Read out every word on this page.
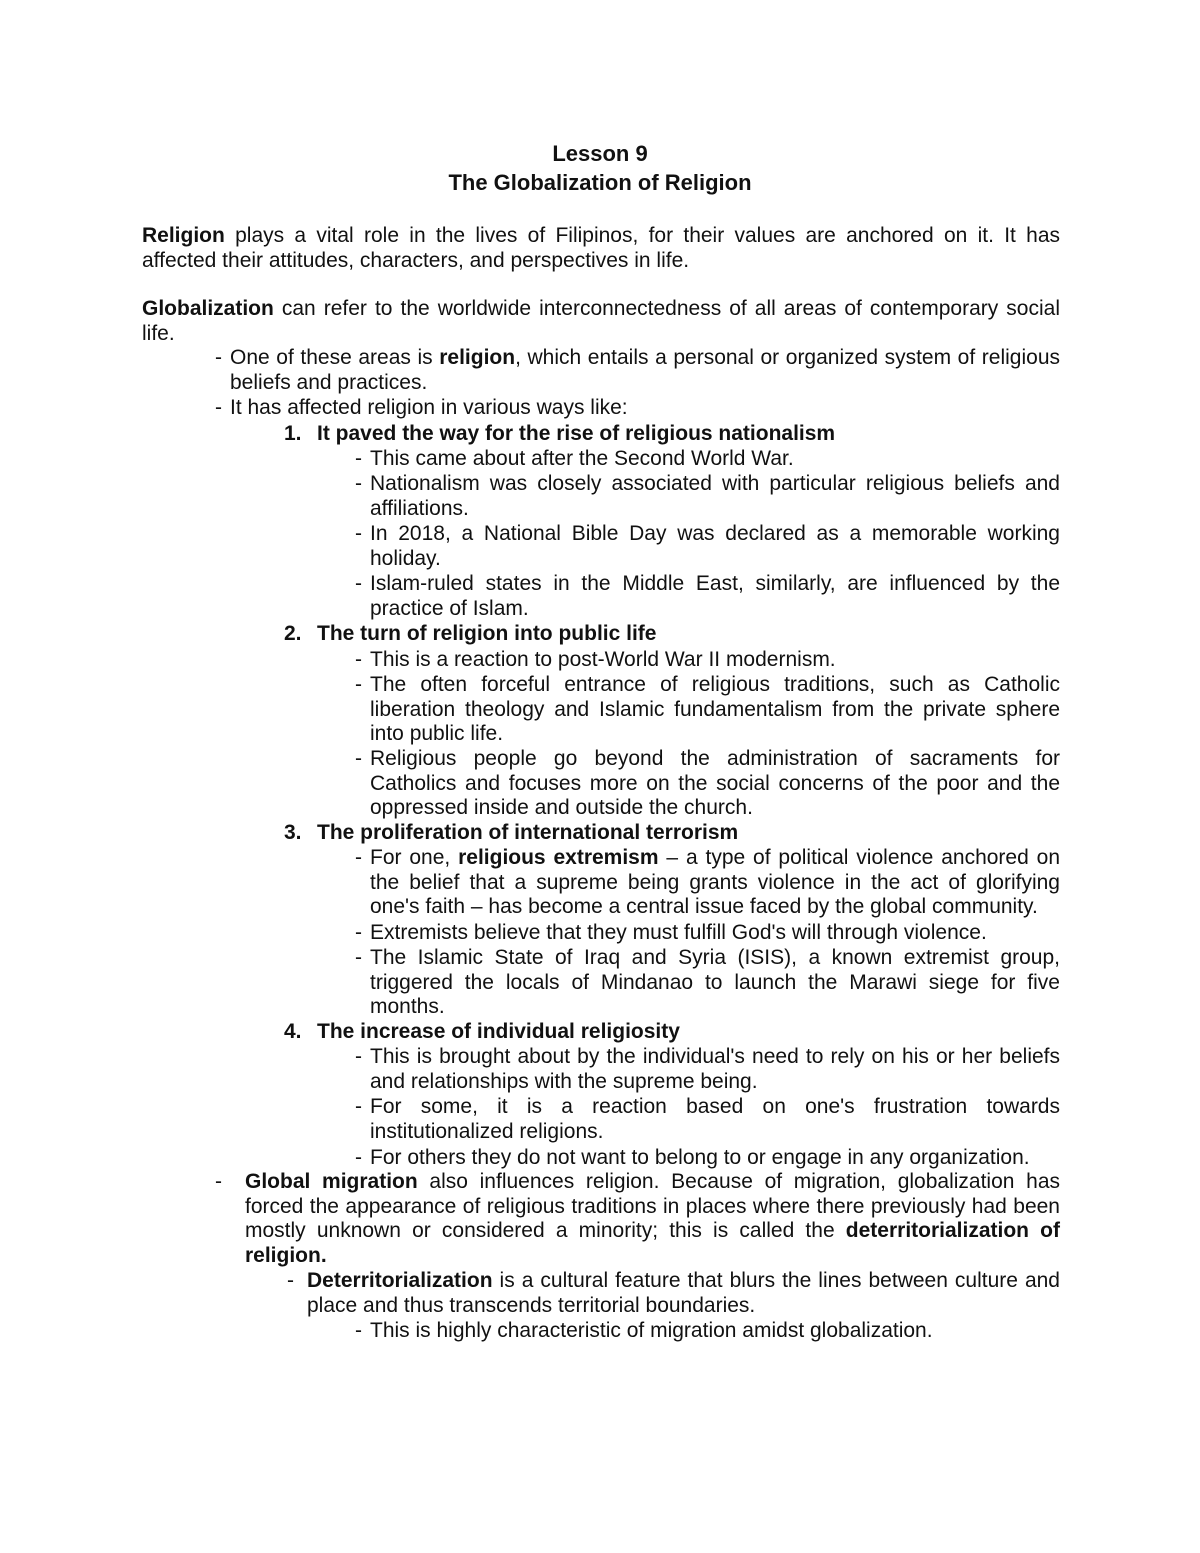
Lesson 9
The Globalization of Religion
Religion plays a vital role in the lives of Filipinos, for their values are anchored on it. It has affected their attitudes, characters, and perspectives in life.
Globalization can refer to the worldwide interconnectedness of all areas of contemporary social life.
- One of these areas is religion, which entails a personal or organized system of religious beliefs and practices.
- It has affected religion in various ways like:
1. It paved the way for the rise of religious nationalism
- This came about after the Second World War.
- Nationalism was closely associated with particular religious beliefs and affiliations.
- In 2018, a National Bible Day was declared as a memorable working holiday.
- Islam-ruled states in the Middle East, similarly, are influenced by the practice of Islam.
2. The turn of religion into public life
- This is a reaction to post-World War II modernism.
- The often forceful entrance of religious traditions, such as Catholic liberation theology and Islamic fundamentalism from the private sphere into public life.
- Religious people go beyond the administration of sacraments for Catholics and focuses more on the social concerns of the poor and the oppressed inside and outside the church.
3. The proliferation of international terrorism
- For one, religious extremism – a type of political violence anchored on the belief that a supreme being grants violence in the act of glorifying one's faith – has become a central issue faced by the global community.
- Extremists believe that they must fulfill God's will through violence.
- The Islamic State of Iraq and Syria (ISIS), a known extremist group, triggered the locals of Mindanao to launch the Marawi siege for five months.
4. The increase of individual religiosity
- This is brought about by the individual's need to rely on his or her beliefs and relationships with the supreme being.
- For some, it is a reaction based on one's frustration towards institutionalized religions.
- For others they do not want to belong to or engage in any organization.
- Global migration also influences religion. Because of migration, globalization has forced the appearance of religious traditions in places where there previously had been mostly unknown or considered a minority; this is called the deterritorialization of religion.
- Deterritorialization is a cultural feature that blurs the lines between culture and place and thus transcends territorial boundaries.
- This is highly characteristic of migration amidst globalization.
